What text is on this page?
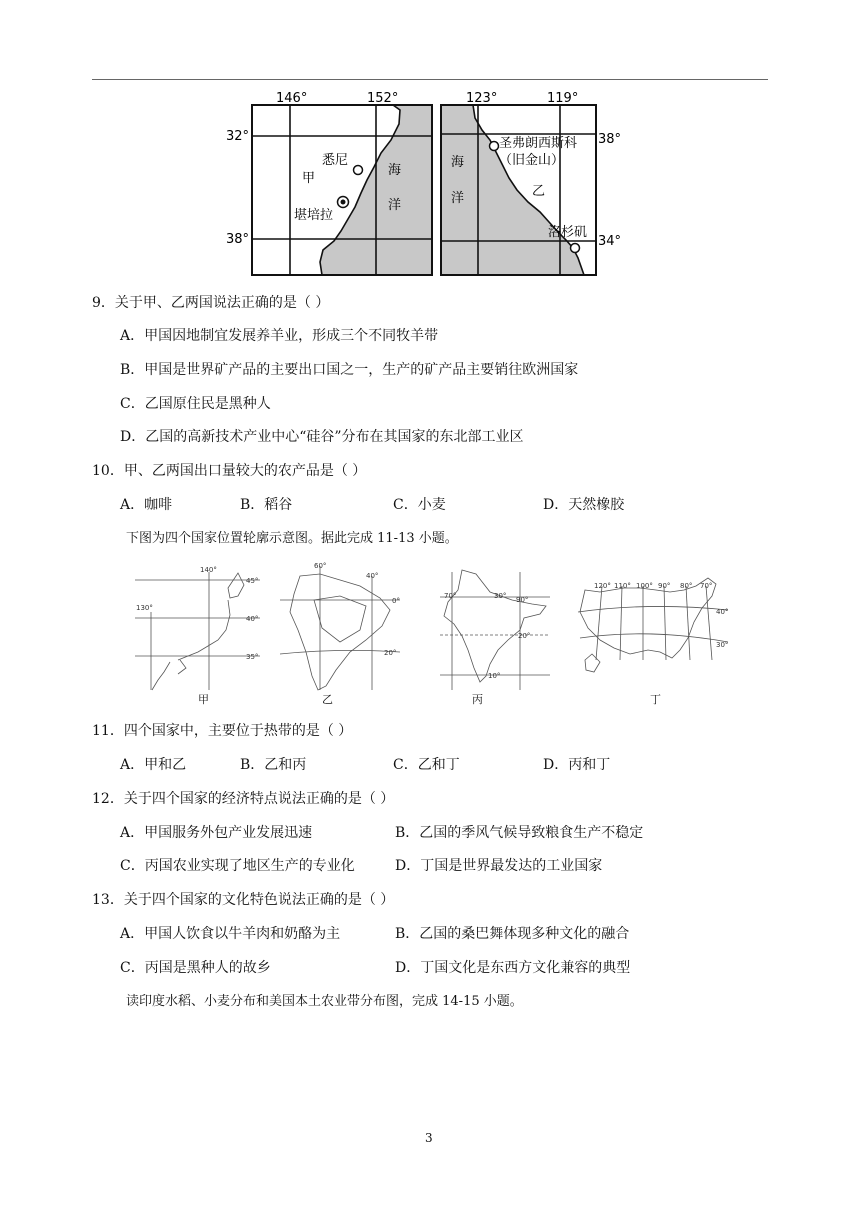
146°	152°
32°
38°
悉尼
堪培拉
甲
海
洋
123°	119°
38°
34°
圣弗朗西斯科
（旧金山）
洛杉矶
乙
海
洋
9．关于甲、乙两国说法正确的是（ ）
A．甲国因地制宜发展养羊业，形成三个不同牧羊带
B．甲国是世界矿产品的主要出口国之一，生产的矿产品主要销往欧洲国家
C．乙国原住民是黑种人
D．乙国的高新技术产业中心“硅谷”分布在其国家的东北部工业区
10．甲、乙两国出口量较大的农产品是（ ）
A．咖啡	B．稻谷	C．小麦	D．天然橡胶
下图为四个国家位置轮廓示意图。据此完成 11-13 小题。
140°
45°
130°
40°
35°
60°
40°
0°
20°
70°	30° 90°
20°
10°
120° 110° 100° 90° 80° 70°
40°
30°
甲	乙	丙	丁
11．四个国家中，主要位于热带的是（ ）
A．甲和乙	B．乙和丙	C．乙和丁	D．丙和丁
12．关于四个国家的经济特点说法正确的是（ ）
A．甲国服务外包产业发展迅速	B．乙国的季风气候导致粮食生产不稳定
C．丙国农业实现了地区生产的专业化	D．丁国是世界最发达的工业国家
13．关于四个国家的文化特色说法正确的是（ ）
A．甲国人饮食以牛羊肉和奶酪为主	B．乙国的桑巴舞体现多种文化的融合
C．丙国是黑种人的故乡	D．丁国文化是东西方文化兼容的典型
读印度水稻、小麦分布和美国本土农业带分布图，完成 14-15 小题。
3
